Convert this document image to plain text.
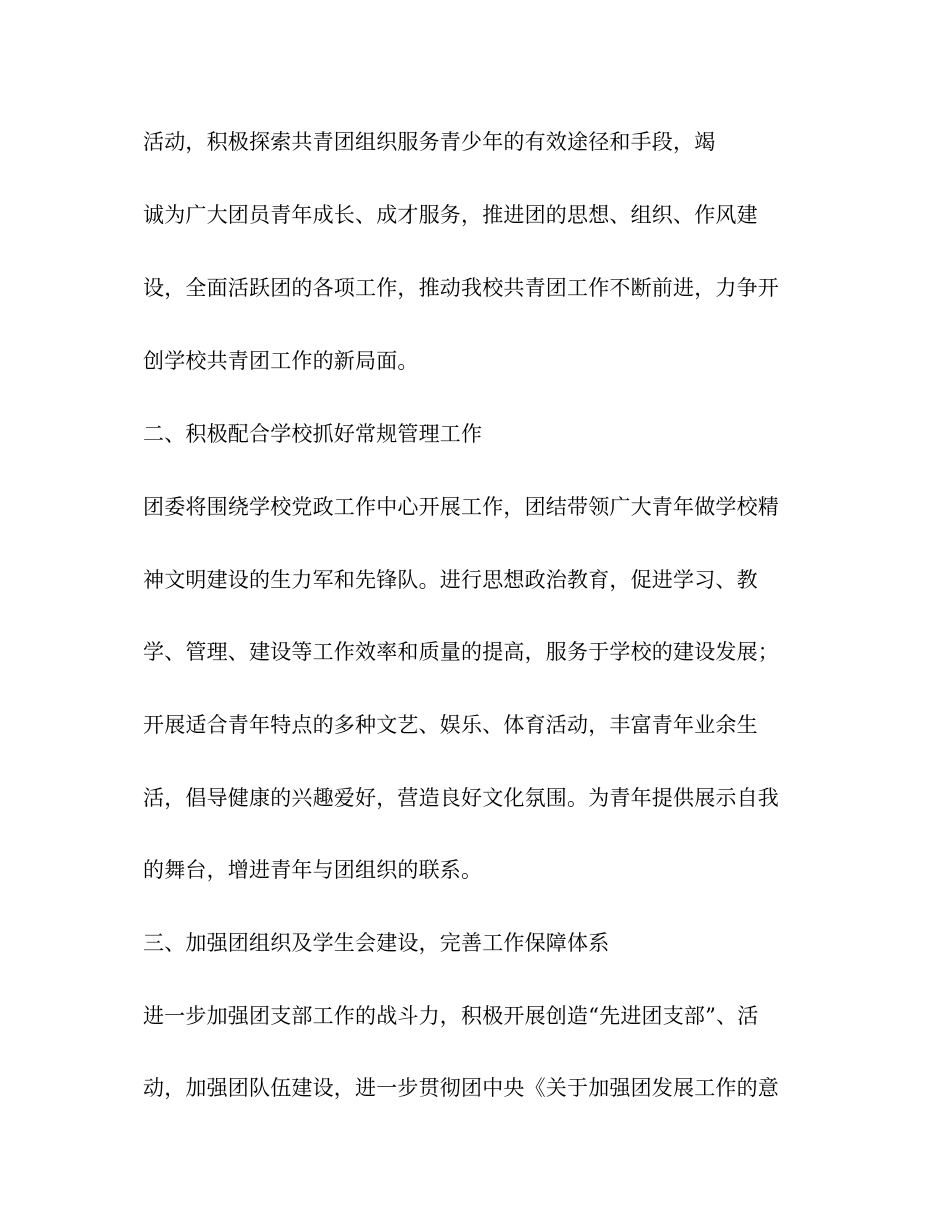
活动，积极探索共青团组织服务青少年的有效途径和手段，竭
诚为广大团员青年成长、成才服务，推进团的思想、组织、作风建
设，全面活跃团的各项工作，推动我校共青团工作不断前进，力争开
创学校共青团工作的新局面。
二、积极配合学校抓好常规管理工作
团委将围绕学校党政工作中心开展工作，团结带领广大青年做学校精
神文明建设的生力军和先锋队。进行思想政治教育，促进学习、教
学、管理、建设等工作效率和质量的提高，服务于学校的建设发展；
开展适合青年特点的多种文艺、娱乐、体育活动，丰富青年业余生
活，倡导健康的兴趣爱好，营造良好文化氛围。为青年提供展示自我
的舞台，增进青年与团组织的联系。
三、加强团组织及学生会建设，完善工作保障体系
进一步加强团支部工作的战斗力，积极开展创造“先进团支部”、活
动，加强团队伍建设，进一步贯彻团中央《关于加强团发展工作的意
